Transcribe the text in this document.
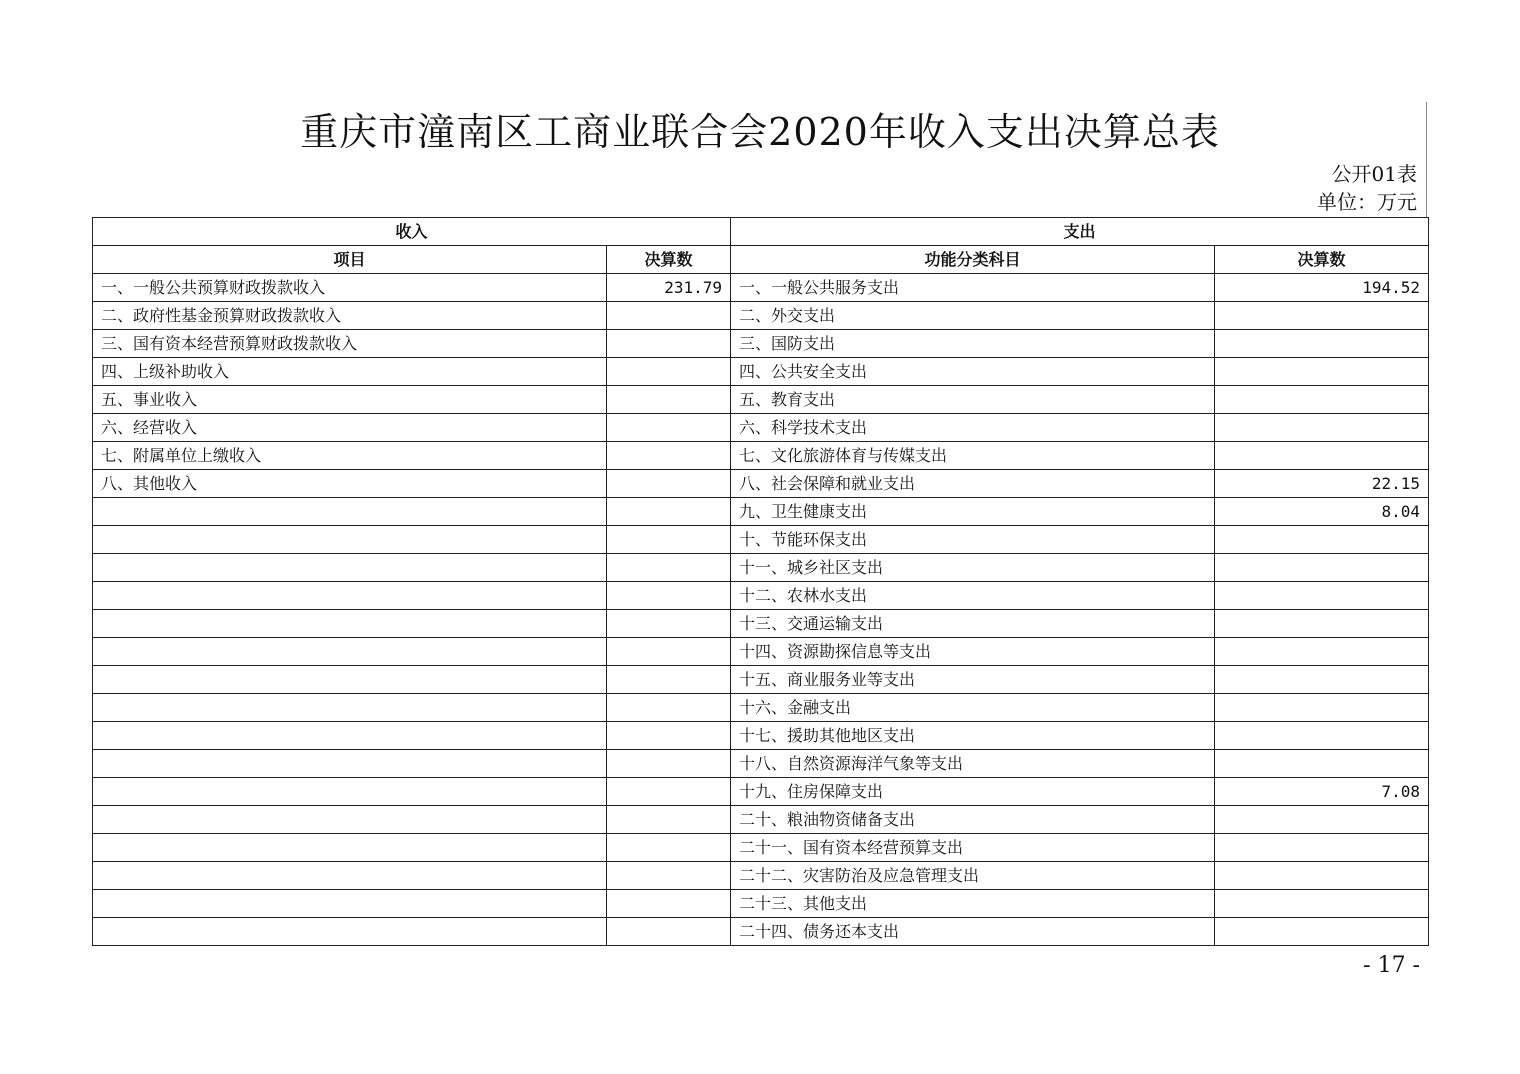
重庆市潼南区工商业联合会2020年收入支出决算总表
公开01表
单位：万元
收入		支出	
项目	决算数	功能分类科目	决算数
一、一般公共预算财政拨款收入	231.79	一、一般公共服务支出	194.52
二、政府性基金预算财政拨款收入		二、外交支出	
三、国有资本经营预算财政拨款收入		三、国防支出	
四、上级补助收入		四、公共安全支出	
五、事业收入		五、教育支出	
六、经营收入		六、科学技术支出	
七、附属单位上缴收入		七、文化旅游体育与传媒支出	
八、其他收入		八、社会保障和就业支出	22.15
		九、卫生健康支出	8.04
		十、节能环保支出	
		十一、城乡社区支出	
		十二、农林水支出	
		十三、交通运输支出	
		十四、资源勘探信息等支出	
		十五、商业服务业等支出	
		十六、金融支出	
		十七、援助其他地区支出	
		十八、自然资源海洋气象等支出	
		十九、住房保障支出	7.08
		二十、粮油物资储备支出	
		二十一、国有资本经营预算支出	
		二十二、灾害防治及应急管理支出	
		二十三、其他支出	
		二十四、债务还本支出	
- 17 -
